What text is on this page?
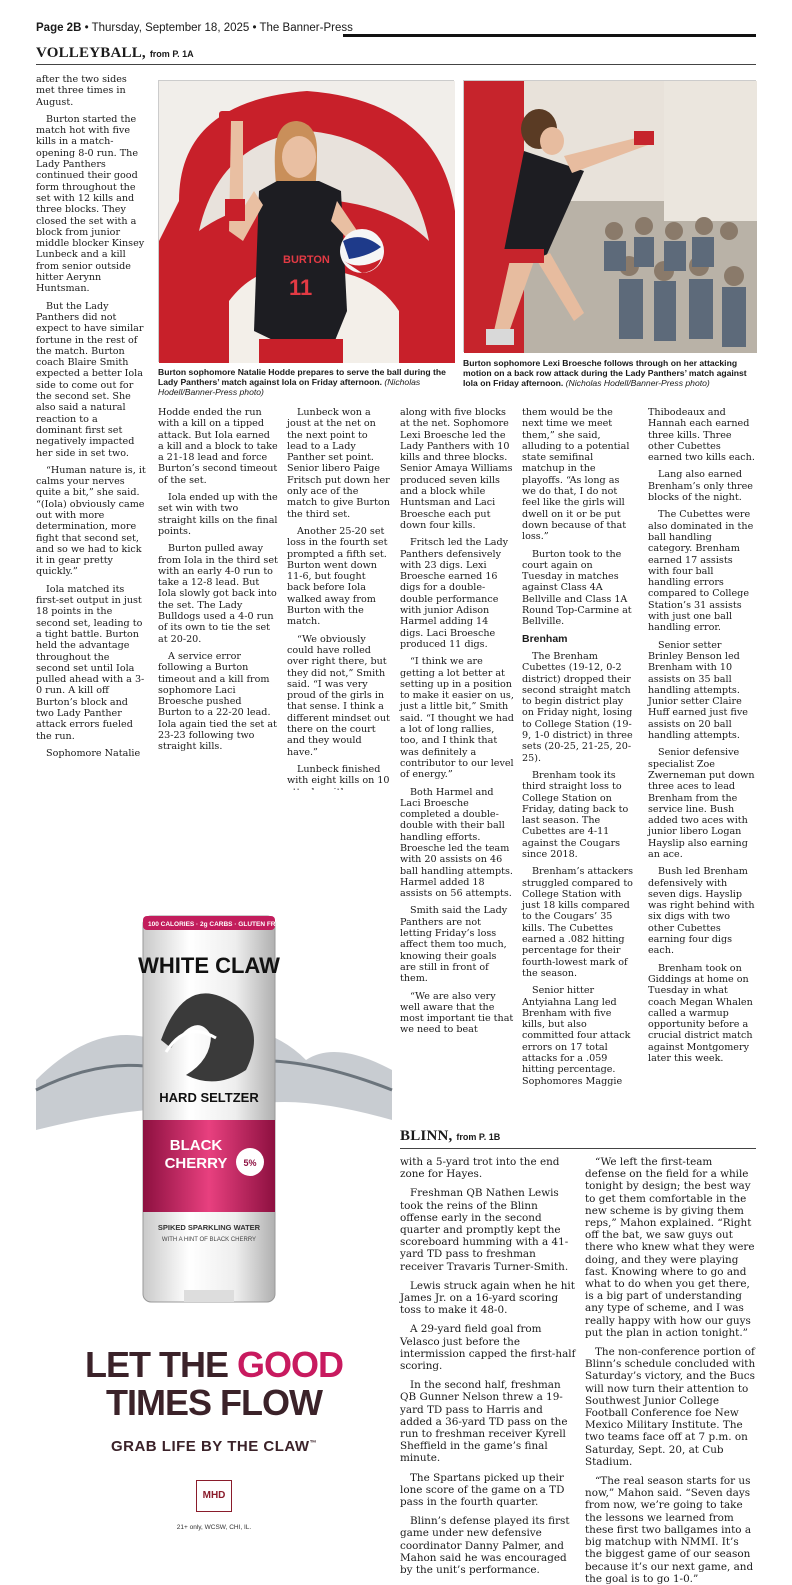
Page 2B • Thursday, September 18, 2025 • The Banner-Press
VOLLEYBALL, from P. 1A

after the two sides met three times in August.

Burton started the match hot with five kills in a match-opening 8-0 run. The Lady Panthers continued their good form throughout the set with 12 kills and three blocks. They closed the set with a block from junior middle blocker Kinsey Lunbeck and a kill from senior outside hitter Aerynn Huntsman.

But the Lady Panthers did not expect to have similar fortune in the rest of the match. Burton coach Blaire Smith expected a better Iola side to come out for the second set. She also said a natural reaction to a dominant first set negatively impacted her side in set two.

“Human nature is, it calms your nerves quite a bit,” she said. “(Iola) obviously came out with more determination, more fight that second set, and so we had to kick it in gear pretty quickly.”

Iola matched its first-set output in just 18 points in the second set, leading to a tight battle. Burton held the advantage throughout the second set until Iola pulled ahead with a 3-0 run. A kill off Burton’s block and two Lady Panther attack errors fueled the run.

Sophomore Natalie

BURTON
11
Burton sophomore Natalie Hodde prepares to serve the ball during the Lady Panthers’ match against Iola on Friday afternoon. (Nicholas Hodell/Banner-Press photo)
Burton sophomore Lexi Broesche follows through on her attacking motion on a back row attack during the Lady Panthers’ match against Iola on Friday afternoon. (Nicholas Hodell/Banner-Press photo)

Hodde ended the run with a kill on a tipped attack. But Iola earned a kill and a block to take a 21-18 lead and force Burton’s second timeout of the set.

Iola ended up with the set win with two straight kills on the final points.

Burton pulled away from Iola in the third set with an early 4-0 run to take a 12-8 lead. But Iola slowly got back into the set. The Lady Bulldogs used a 4-0 run of its own to tie the set at 20-20.

A service error following a Burton timeout and a kill from sophomore Laci Broesche pushed Burton to a 22-20 lead. Iola again tied the set at 23-23 following two straight kills.

Lunbeck won a joust at the net on the next point to lead to a Lady Panther set point. Senior libero Paige Fritsch put down her only ace of the match to give Burton the third set.

Another 25-20 set loss in the fourth set prompted a fifth set. Burton went down 11-6, but fought back before Iola walked away from Burton with the match.

“We obviously could have rolled over right there, but they did not,” Smith said. “I was very proud of the girls in that sense. I think a different mindset out there on the court and they would have.”

Lunbeck finished with eight kills on 10

along with five blocks at the net. Sophomore Lexi Broesche led the Lady Panthers with 10 kills and three blocks. Senior Amaya Williams produced seven kills and a block while Huntsman and Laci Broesche each put down four kills.

Fritsch led the Lady Panthers defensively with 23 digs. Lexi Broesche earned 16 digs for a double-double performance with junior Adison Harmel adding 14 digs. Laci Broesche produced 11 digs.

“I think we are getting a lot better at setting up in a position to make it easier on us, just a little bit,” Smith said. “I thought we had a lot of long rallies, too, and I think that was definitely a contributor to our level of energy.”

Both Harmel and Laci Broesche completed a double-double with their ball handling efforts. Broesche led the team with 20 assists on 46 ball handling attempts. Harmel added 18 assists on 56 attempts.

Smith said the Lady Panthers are not letting Friday’s loss affect them too much, knowing their goals are still in front of them.

“We are also very well aware that the most important tie that we need to beat

them would be the next time we meet them,” she said, alluding to a potential state semifinal matchup in the playoffs. “As long as we do that, I do not feel like the girls will dwell on it or be put down because of that loss.”

Burton took to the court again on Tuesday in matches against Class 4A Bellville and Class 1A Round Top-Carmine at Bellville.

Brenham

The Brenham Cubettes (19-12, 0-2 district) dropped their second straight match to begin district play on Friday night, losing to College Station (19-9, 1-0 district) in three sets (20-25, 21-25, 20-25).

Brenham took its third straight loss to College Station on Friday, dating back to last season. The Cubettes are 4-11 against the Cougars since 2018.

Brenham’s attackers struggled compared to College Station with just 18 kills compared to the Cougars’ 35 kills. The Cubettes earned a .082 hitting percentage for their fourth-lowest mark of the season.

Senior hitter Antyiahna Lang led Brenham with five kills, but also committed four attack errors on 17 total attacks for a .059 hitting percentage. Sophomores Maggie

Thibodeaux and Hannah each earned three kills. Three other Cubettes earned two kills each.

Lang also earned Brenham’s only three blocks of the night.

The Cubettes were also dominated in the ball handling category. Brenham earned 17 assists with four ball handling errors compared to College Station’s 31 assists with just one ball handling error.

Senior setter Brinley Benson led Brenham with 10 assists on 35 ball handling attempts. Junior setter Claire Huff earned just five assists on 20 ball handling attempts.

Senior defensive specialist Zoe Zwerneman put down three aces to lead Brenham from the service line. Bush added two aces with junior libero Logan Hayslip also earning an ace.

Bush led Brenham defensively with seven digs. Hayslip was right behind with six digs with two other Cubettes earning four digs each.

Brenham took on Giddings at home on Tuesday in what coach Megan Whalen called a warmup opportunity before a crucial district match against Montgomery later this week.

100 CALORIES · 2g CARBS · GLUTEN FREE
WHITE CLAW
HARD SELTZER
BLACK
CHERRY 5%
SPIKED SPARKLING WATER
WITH A HINT OF BLACK CHERRY
LET THE GOOD
TIMES FLOW
GRAB LIFE BY THE CLAW™
MHD
21+ only, WCSW, CHI, IL.
BLINN, from P. 1B

with a 5-yard trot into the end zone for Hayes.

Freshman QB Nathen Lewis took the reins of the Blinn offense early in the second quarter and promptly kept the scoreboard humming with a 41-yard TD pass to freshman receiver Travaris Turner-Smith.

Lewis struck again when he hit James Jr. on a 16-yard scoring toss to make it 48-0.

A 29-yard field goal from Velasco just before the intermission capped the first-half scoring.

In the second half, freshman QB Gunner Nelson threw a 19-yard TD pass to Harris and added a 36-yard TD pass on the run to freshman receiver Kyrell Sheffield in the game’s final minute.

The Spartans picked up their lone score of the game on a TD pass in the fourth quarter.

Blinn’s defense played its first game under new defensive coordinator Danny Palmer, and Mahon said he was encouraged by the unit’s performance.

“We left the first-team defense on the field for a while tonight by design; the best way to get them comfortable in the new scheme is by giving them reps,” Mahon explained. “Right off the bat, we saw guys out there who knew what they were doing, and they were playing fast. Knowing where to go and what to do when you get there, is a big part of understanding any type of scheme, and I was really happy with how our guys put the plan in action tonight.”

The non-conference portion of Blinn’s schedule concluded with Saturday’s victory, and the Bucs will now turn their attention to Southwest Junior College Football Conference foe New Mexico Military Institute. The two teams face off at 7 p.m. on Saturday, Sept. 20, at Cub Stadium.

“The real season starts for us now,” Mahon said. “Seven days from now, we’re going to take the lessons we learned from these first two ballgames into a big matchup with NMMI. It’s the biggest game of our season because it’s our next game, and the goal is to go 1-0.”
